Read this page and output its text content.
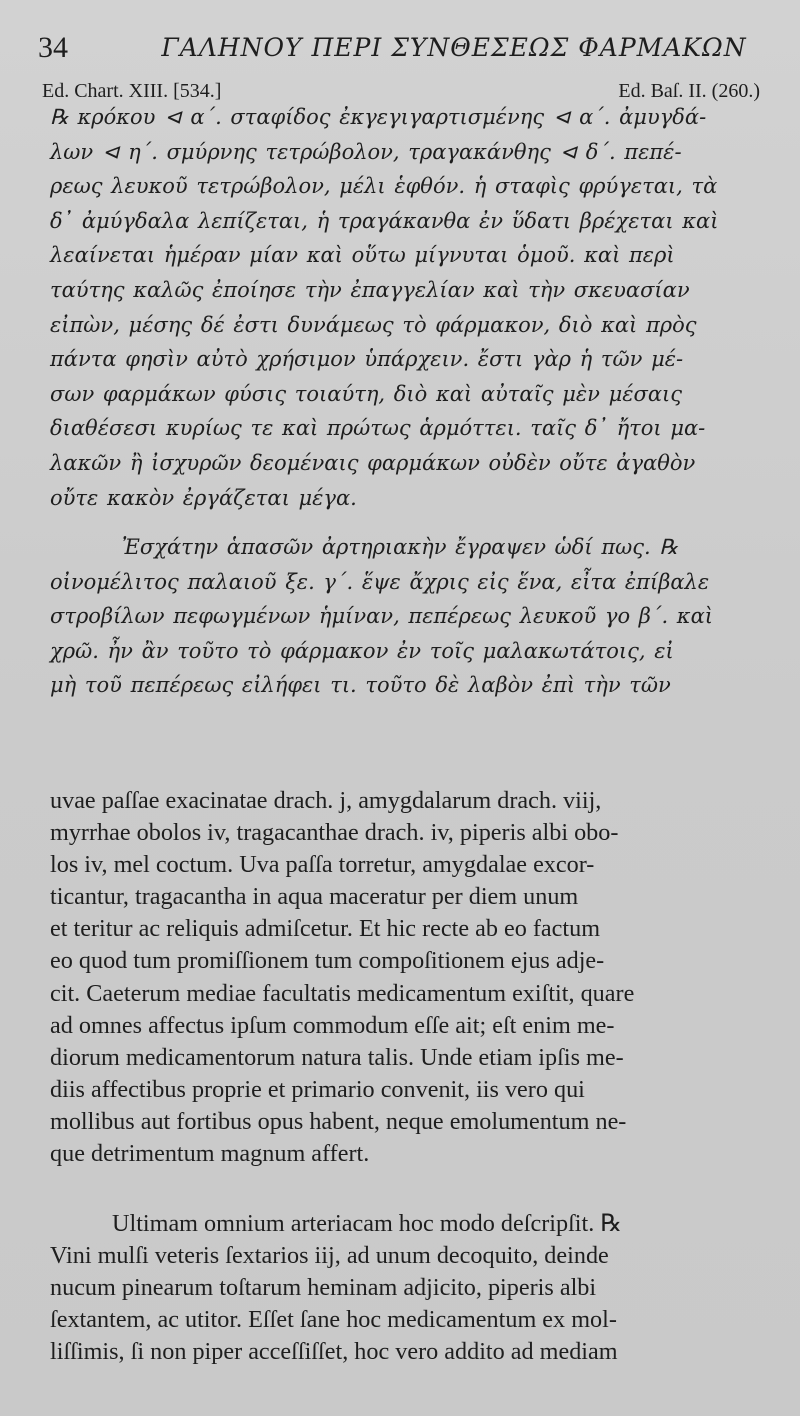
34	ΓΑΛΗΝΟΥ ΠΕΡΙ ΣΥΝΘΕΣΕΩΣ ΦΑΡΜΑΚΩΝ
Ed. Chart. XIII. [534.]	Ed. Baſ. II. (260.)
℞ κρόκου ⊲ α΄. σταφίδος ἐκγεγιγαρτισμένης ⊲ α΄. ἀμυγδά-
λων ⊲ η΄. σμύρνης τετρώβολον, τραγακάνθης ⊲ δ΄. πεπέ-
ρεως λευκοῦ τετρώβολον, μέλι ἑφθόν. ἡ σταφὶς φρύγεται, τὰ
δ᾽ ἀμύγδαλα λεπίζεται, ἡ τραγάκανθα ἐν ὕδατι βρέχεται καὶ
λεαίνεται ἡμέραν μίαν καὶ οὕτω μίγνυται ὁμοῦ. καὶ περὶ
ταύτης καλῶς ἐποίησε τὴν ἐπαγγελίαν καὶ τὴν σκευασίαν
εἰπὼν, μέσης δέ ἐστι δυνάμεως τὸ φάρμακον, διὸ καὶ πρὸς
πάντα φησὶν αὐτὸ χρήσιμον ὑπάρχειν. ἔστι γὰρ ἡ τῶν μέ-
σων φαρμάκων φύσις τοιαύτη, διὸ καὶ αὐταῖς μὲν μέσαις
διαθέσεσι κυρίως τε καὶ πρώτως ἁρμόττει. ταῖς δ᾽ ἤτοι μα-
λακῶν ἢ ἰσχυρῶν δεομέναις φαρμάκων οὐδὲν οὔτε ἀγαθὸν
οὔτε κακὸν ἐργάζεται μέγα.
Ἐσχάτην ἁπασῶν ἀρτηριακὴν ἔγραψεν ὡδί πως. ℞
οἰνομέλιτος παλαιοῦ ξε. γ΄. ἕψε ἄχρις εἰς ἕνα, εἶτα ἐπίβαλε
στροβίλων πεφωγμένων ἡμίναν, πεπέρεως λευκοῦ γο β΄. καὶ
χρῶ. ἦν ἂν τοῦτο τὸ φάρμακον ἐν τοῖς μαλακωτάτοις, εἰ
μὴ τοῦ πεπέρεως εἰλήφει τι. τοῦτο δὲ λαβὸν ἐπὶ τὴν τῶν
uvae paſſae exacinatae drach. j, amygdalarum drach. viij,
myrrhae obolos iv, tragacanthae drach. iv, piperis albi obo-
los iv, mel coctum. Uva paſſa torretur, amygdalae excor-
ticantur, tragacantha in aqua maceratur per diem unum
et teritur ac reliquis admiſcetur. Et hic recte ab eo factum
eo quod tum promiſſionem tum compoſitionem ejus adje-
cit. Caeterum mediae facultatis medicamentum exiſtit, quare
ad omnes affectus ipſum commodum eſſe ait; eſt enim me-
diorum medicamentorum natura talis. Unde etiam ipſis me-
diis affectibus proprie et primario convenit, iis vero qui
mollibus aut fortibus opus habent, neque emolumentum ne-
que detrimentum magnum affert.
Ultimam omnium arteriacam hoc modo deſcripſit. ℞
Vini mulſi veteris ſextarios iij, ad unum decoquito, deinde
nucum pinearum toſtarum heminam adjicito, piperis albi
ſextantem, ac utitor. Eſſet ſane hoc medicamentum ex mol-
liſſimis, ſi non piper acceſſiſſet, hoc vero addito ad mediam
